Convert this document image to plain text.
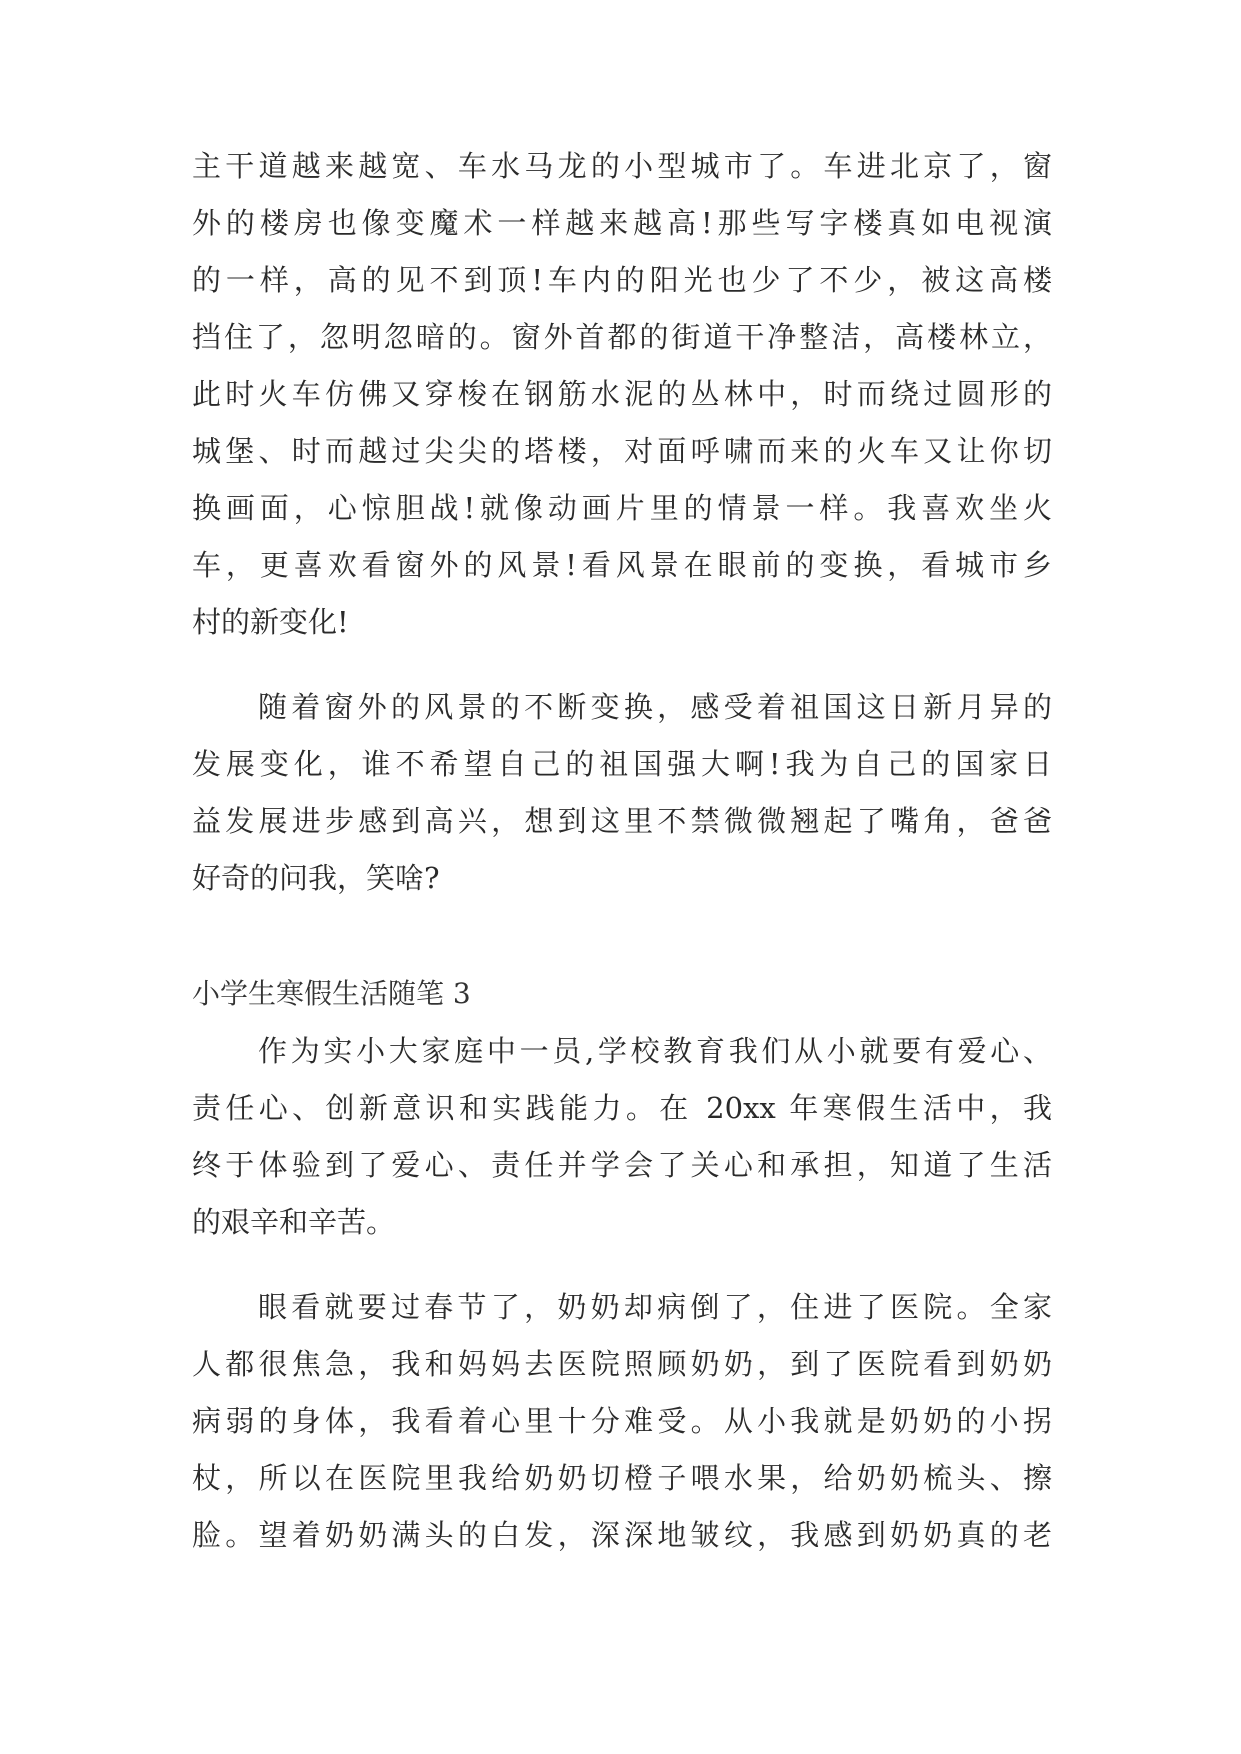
主干道越来越宽、车水马龙的小型城市了。车进北京了，窗
外的楼房也像变魔术一样越来越高!那些写字楼真如电视演
的一样，高的见不到顶!车内的阳光也少了不少，被这高楼
挡住了，忽明忽暗的。窗外首都的街道干净整洁，高楼林立，
此时火车仿佛又穿梭在钢筋水泥的丛林中，时而绕过圆形的
城堡、时而越过尖尖的塔楼，对面呼啸而来的火车又让你切
换画面，心惊胆战!就像动画片里的情景一样。我喜欢坐火
车，更喜欢看窗外的风景!看风景在眼前的变换，看城市乡
村的新变化!
随着窗外的风景的不断变换，感受着祖国这日新月异的
发展变化，谁不希望自己的祖国强大啊!我为自己的国家日
益发展进步感到高兴，想到这里不禁微微翘起了嘴角，爸爸
好奇的问我，笑啥?
小学生寒假生活随笔 3
作为实小大家庭中一员,学校教育我们从小就要有爱心、
责任心、创新意识和实践能力。在 20xx 年寒假生活中，我
终于体验到了爱心、责任并学会了关心和承担，知道了生活
的艰辛和辛苦。
眼看就要过春节了，奶奶却病倒了，住进了医院。全家
人都很焦急，我和妈妈去医院照顾奶奶，到了医院看到奶奶
病弱的身体，我看着心里十分难受。从小我就是奶奶的小拐
杖，所以在医院里我给奶奶切橙子喂水果，给奶奶梳头、擦
脸。望着奶奶满头的白发，深深地皱纹，我感到奶奶真的老
